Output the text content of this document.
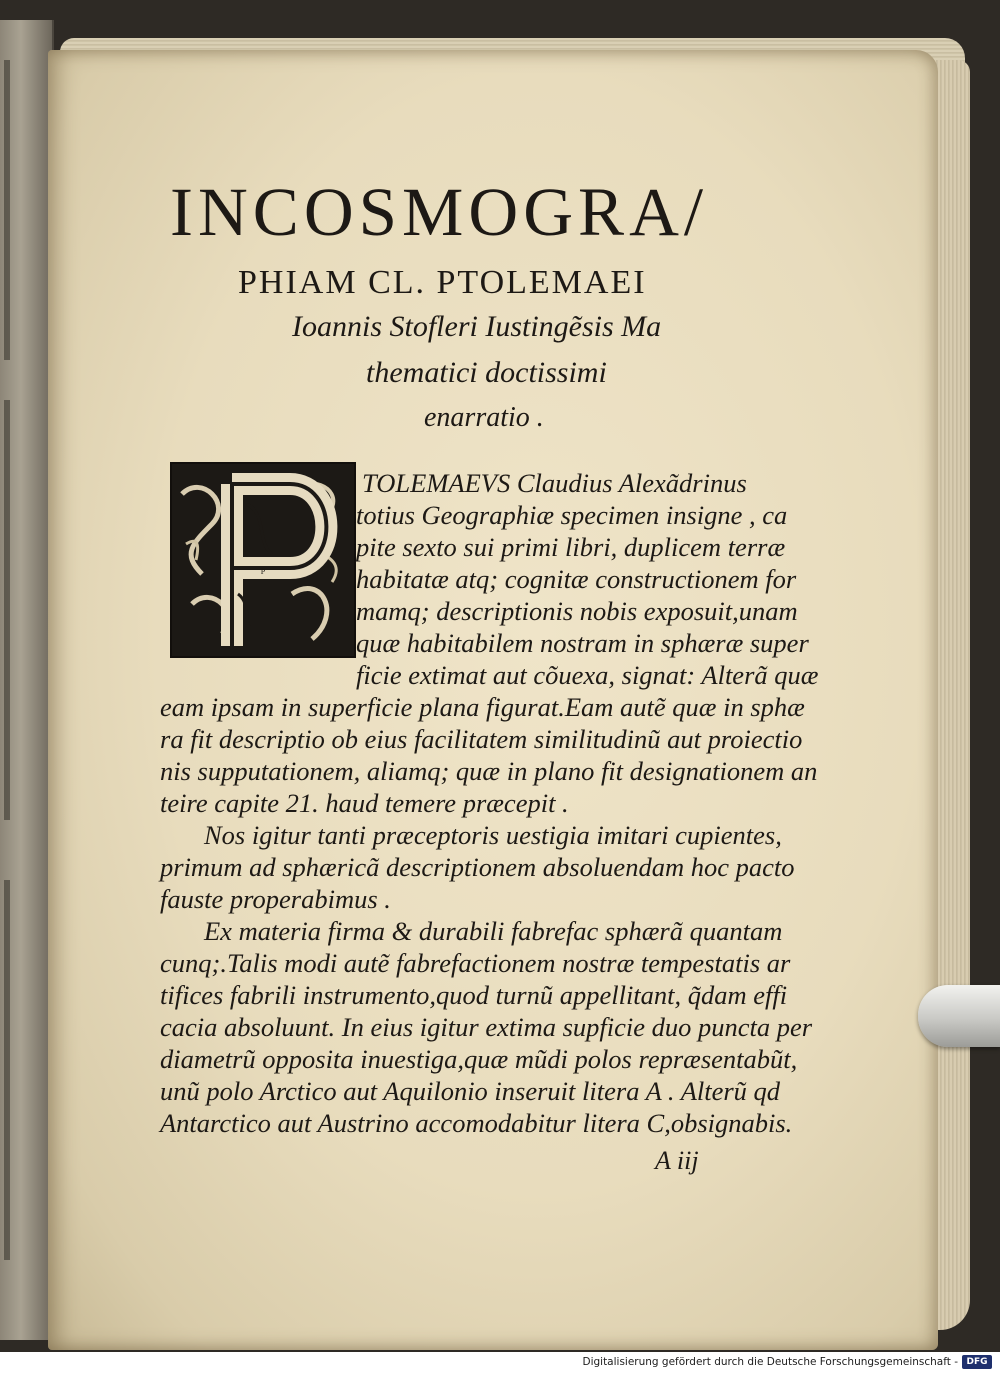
INCOSMOGRA/
PHIAM CL. PTOLEMAEI
Ioannis Stofleri Iustingẽsis Ma
thematici doctissimi
enarratio .
P
TOLEMAEVS Claudius Alexãdrinus
totius Geographiæ specimen insigne , ca
pite sexto sui primi libri, duplicem terræ
habitatæ atq; cognitæ constructionem for
mamq; descriptionis nobis exposuit,unam
quæ habitabilem nostram in sphæræ super
ficie extimat aut cõuexa, signat: Alterã quæ
eam ipsam in superficie plana figurat.Eam autẽ quæ in sphæ
ra fit descriptio ob eius facilitatem similitudinũ aut proiectio
nis supputationem, aliamq; quæ in plano fit designationem an
teire capite 21. haud temere præcepit .
Nos igitur tanti præceptoris uestigia imitari cupientes,
primum ad sphæricã descriptionem absoluendam hoc pacto
fauste properabimus .
Ex materia firma & durabili fabrefac sphærã quantam
cunq;.Talis modi autẽ fabrefactionem nostræ tempestatis ar
tifices fabrili instrumento,quod turnũ appellitant, q̃dam effi
cacia absoluunt. In eius igitur extima supficie duo puncta per
diametrũ opposita inuestiga,quæ mũdi polos repræsentabũt,
unũ polo Arctico aut Aquilonio inseruit litera A . Alterũ qd
Antarctico aut Austrino accomodabitur litera C,obsignabis.
A iij
Digitalisierung gefördert durch die Deutsche Forschungsgemeinschaft - DFG
